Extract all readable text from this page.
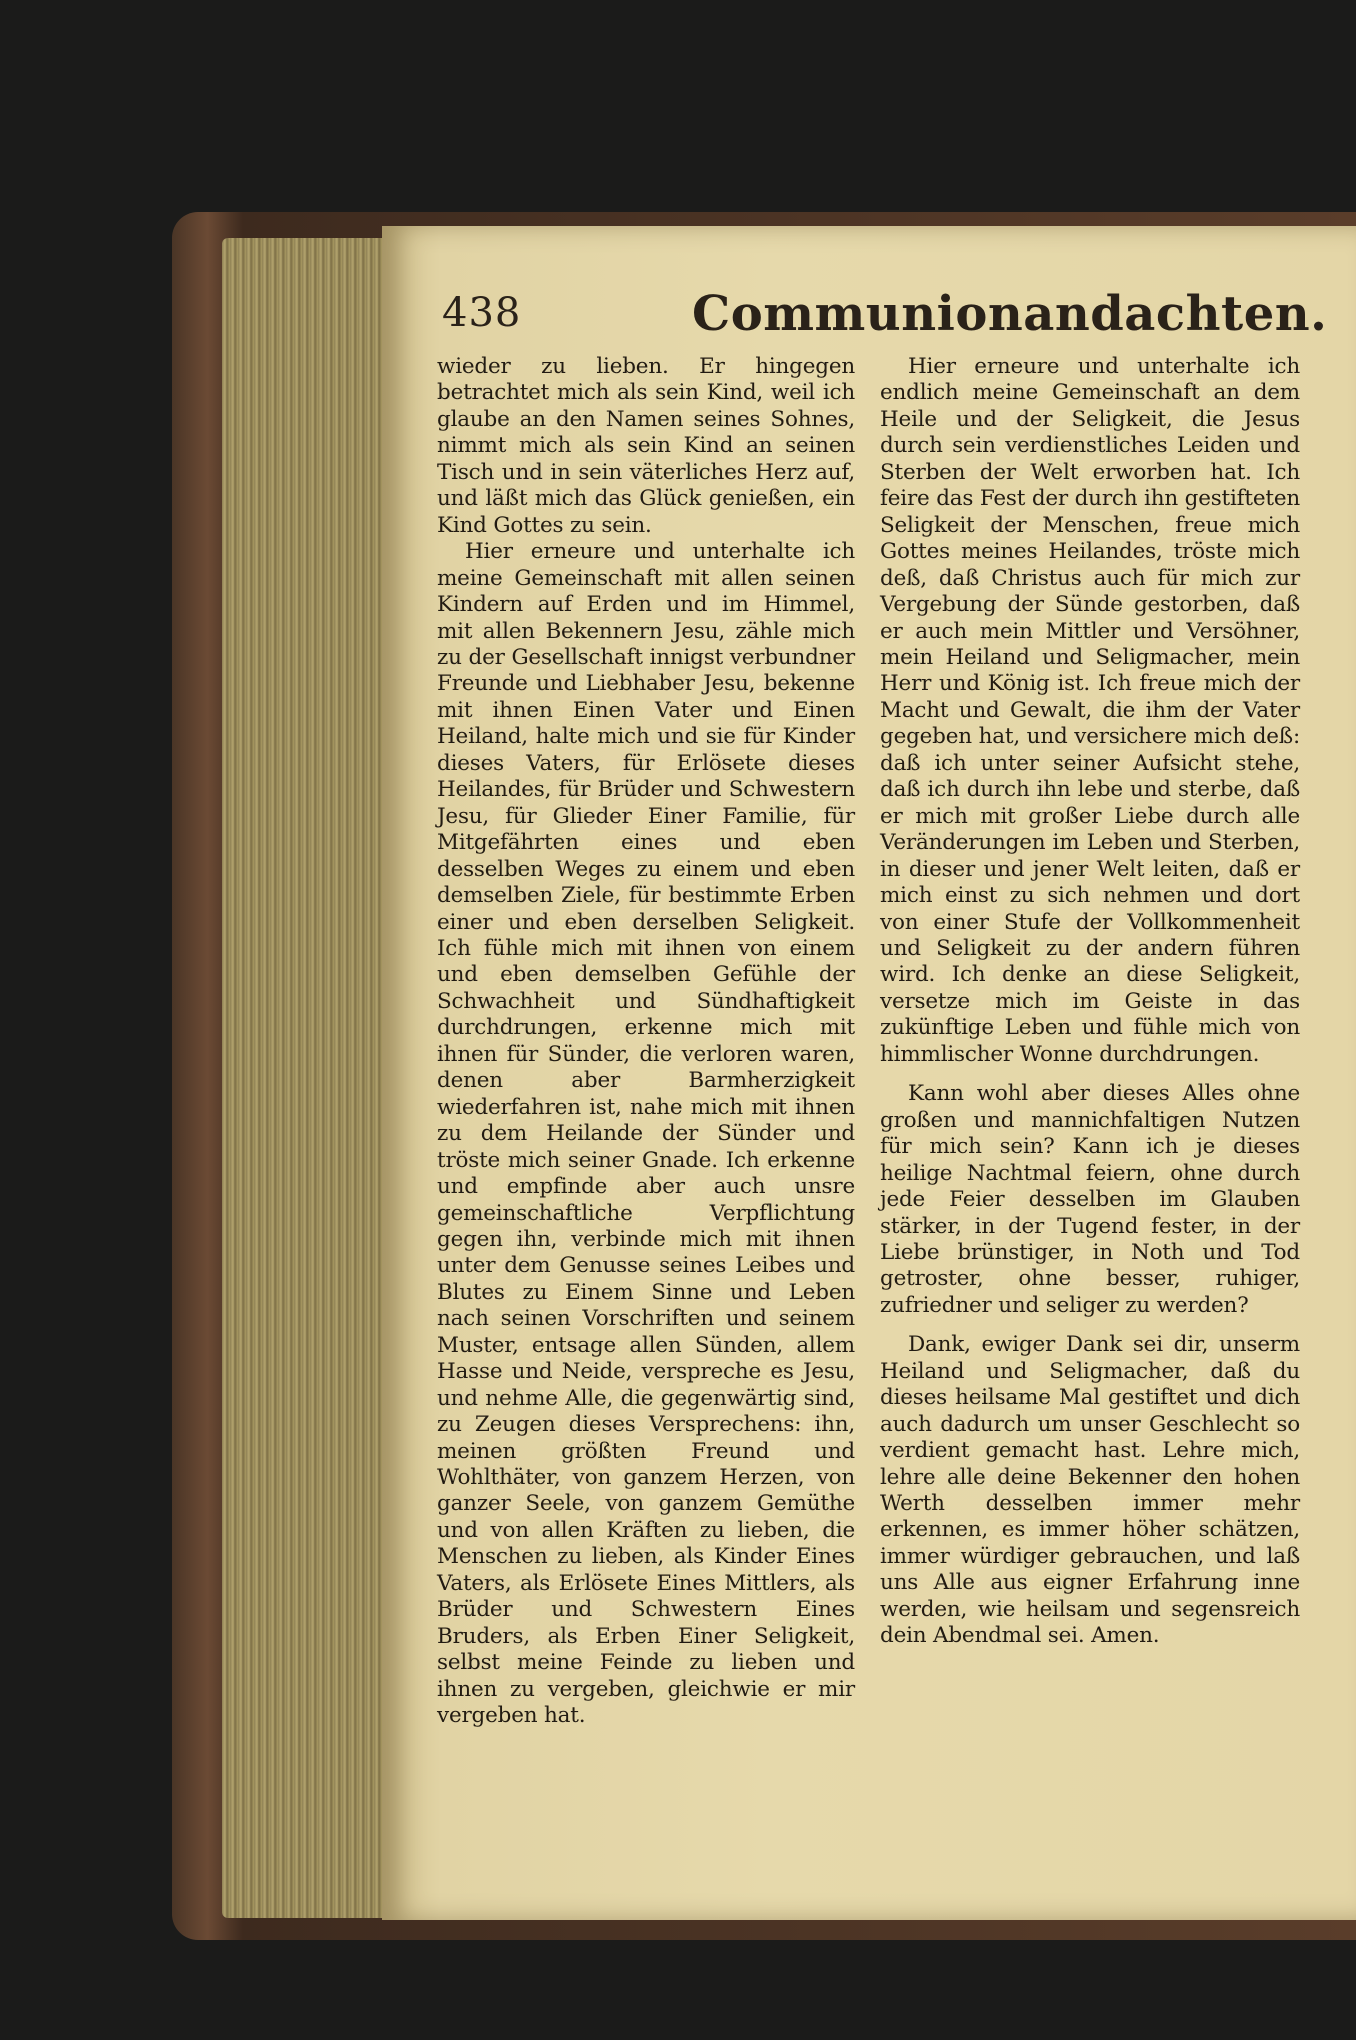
438	Communionandachten.

wieder zu lieben. Er hingegen betrachtet mich als sein Kind, weil ich glaube an den Namen seines Sohnes, nimmt mich als sein Kind an seinen Tisch und in sein väterliches Herz auf, und läßt mich das Glück genießen, ein Kind Gottes zu sein.

Hier erneure und unterhalte ich meine Gemeinschaft mit allen seinen Kindern auf Erden und im Himmel, mit allen Bekennern Jesu, zähle mich zu der Gesellschaft innigst verbundner Freunde und Liebhaber Jesu, bekenne mit ihnen Einen Vater und Einen Heiland, halte mich und sie für Kinder dieses Vaters, für Erlösete dieses Heilandes, für Brüder und Schwestern Jesu, für Glieder Einer Familie, für Mitgefährten eines und eben desselben Weges zu einem und eben demselben Ziele, für bestimmte Erben einer und eben derselben Seligkeit. Ich fühle mich mit ihnen von einem und eben demselben Gefühle der Schwachheit und Sündhaftigkeit durchdrungen, erkenne mich mit ihnen für Sünder, die verloren waren, denen aber Barmherzigkeit wiederfahren ist, nahe mich mit ihnen zu dem Heilande der Sünder und tröste mich seiner Gnade. Ich erkenne und empfinde aber auch unsre gemeinschaftliche Verpflichtung gegen ihn, verbinde mich mit ihnen unter dem Genusse seines Leibes und Blutes zu Einem Sinne und Leben nach seinen Vorschriften und seinem Muster, entsage allen Sünden, allem Hasse und Neide, verspreche es Jesu, und nehme Alle, die gegenwärtig sind, zu Zeugen dieses Versprechens: ihn, meinen größten Freund und Wohlthäter, von ganzem Herzen, von ganzer Seele, von ganzem Gemüthe und von allen Kräften zu lieben, die Menschen zu lieben, als Kinder Eines Vaters, als Erlösete Eines Mittlers, als Brüder und Schwestern Eines Bruders, als Erben Einer Seligkeit, selbst meine Feinde zu lieben und ihnen zu vergeben, gleichwie er mir vergeben hat.

Hier erneure und unterhalte ich endlich meine Gemeinschaft an dem Heile und der Seligkeit, die Jesus durch sein verdienstliches Leiden und Sterben der Welt erworben hat. Ich feire das Fest der durch ihn gestifteten Seligkeit der Menschen, freue mich Gottes meines Heilandes, tröste mich deß, daß Christus auch für mich zur Vergebung der Sünde gestorben, daß er auch mein Mittler und Versöhner, mein Heiland und Seligmacher, mein Herr und König ist. Ich freue mich der Macht und Gewalt, die ihm der Vater gegeben hat, und versichere mich deß: daß ich unter seiner Aufsicht stehe, daß ich durch ihn lebe und sterbe, daß er mich mit großer Liebe durch alle Veränderungen im Leben und Sterben, in dieser und jener Welt leiten, daß er mich einst zu sich nehmen und dort von einer Stufe der Vollkommenheit und Seligkeit zu der andern führen wird. Ich denke an diese Seligkeit, versetze mich im Geiste in das zukünftige Leben und fühle mich von himmlischer Wonne durchdrungen.

Kann wohl aber dieses Alles ohne großen und mannichfaltigen Nutzen für mich sein? Kann ich je dieses heilige Nachtmal feiern, ohne durch jede Feier desselben im Glauben stärker, in der Tugend fester, in der Liebe brünstiger, in Noth und Tod getroster, ohne besser, ruhiger, zufriedner und seliger zu werden?

Dank, ewiger Dank sei dir, unserm Heiland und Seligmacher, daß du dieses heilsame Mal gestiftet und dich auch dadurch um unser Geschlecht so verdient gemacht hast. Lehre mich, lehre alle deine Bekenner den hohen Werth desselben immer mehr erkennen, es immer höher schätzen, immer würdiger gebrauchen, und laß uns Alle aus eigner Erfahrung inne werden, wie heilsam und segensreich dein Abendmal sei. Amen.
